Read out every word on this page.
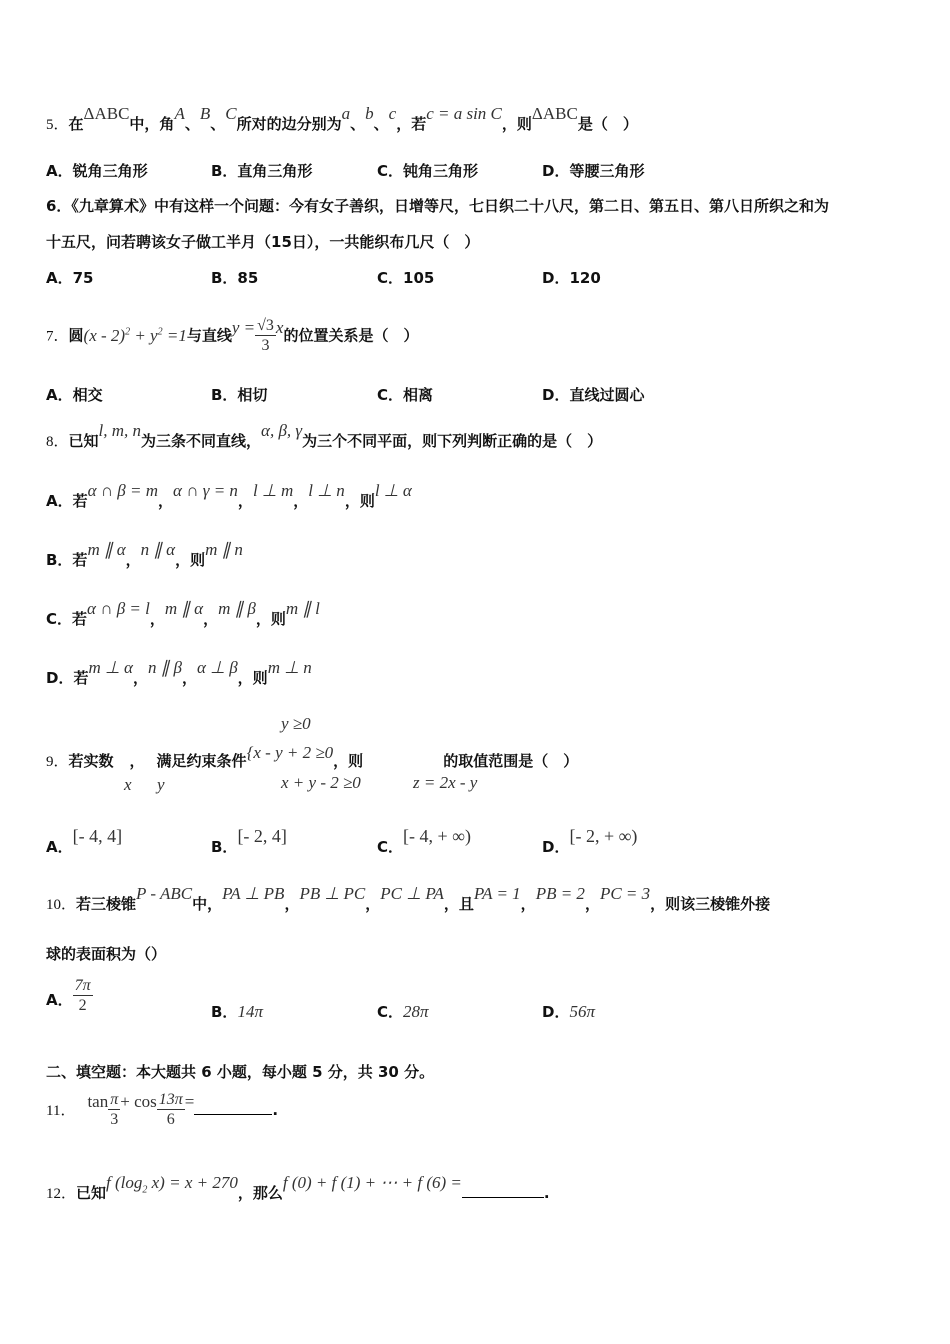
5．在ΔABC中，角A、B、C所对的边分别为a、b、c，若c = a sin C，则ΔABC是（　）
A．锐角三角形	B．直角三角形	C．钝角三角形	D．等腰三角形
6．《九章算术》中有这样一个问题：今有女子善织，日增等尺，七日织二十八尺，第二日、第五日、第八日所织之和为
十五尺，问若聘该女子做工半月（15日），一共能织布几尺（　）
A．75	B．85	C．105	D．120
7．圆$(x - 2)^2 + y^2 =1$与直线$y = \frac{√3}{3}$ x的位置关系是（　）
A．相交	B．相切	C．相离	D．直线过圆心
8．已知l, m, n为三条不同直线，α, β, γ为三个不同平面，则下列判断正确的是（　）
A．若α ∩ β = m，α ∩ γ = n，l ⊥ m，l ⊥ n，则l ⊥ α
B．若m ∥ α，n ∥ α，则m ∥ n
C．若α ∩ β = l，m ∥ α，m ∥ β，则m ∥ l
D．若m ⊥ α，n ∥ β，α ⊥ β，则m ⊥ n
y ≥0
9．若实数 ， 满足约束条件{x - y + 2 ≥0，则	的取值范围是（　）
x y	x + y - 2 ≥0	z = 2x - y
A．[- 4, 4]
B．[- 2, 4]
C．[- 4, + ∞)
D．[- 2, + ∞)
10．若三棱锥P - ABC中，PA ⊥ PB，PB ⊥ PC，PC ⊥ PA，且PA = 1，PB = 2，PC = 3，则该三棱锥外接
球的表面积为（）
A． $\frac{7\pi}{2}$	B．14π	C．28π	D．56π
二、填空题：本大题共 6 小题，每小题 5 分，共 30 分。
11． $\tan \frac{\pi}{3} + \cos \frac{13\pi}{6}$ =	.
12．已知f ($\log_2$ x) = x + 270，那么f (0) + f (1) + ⋯ + f (6) =.
